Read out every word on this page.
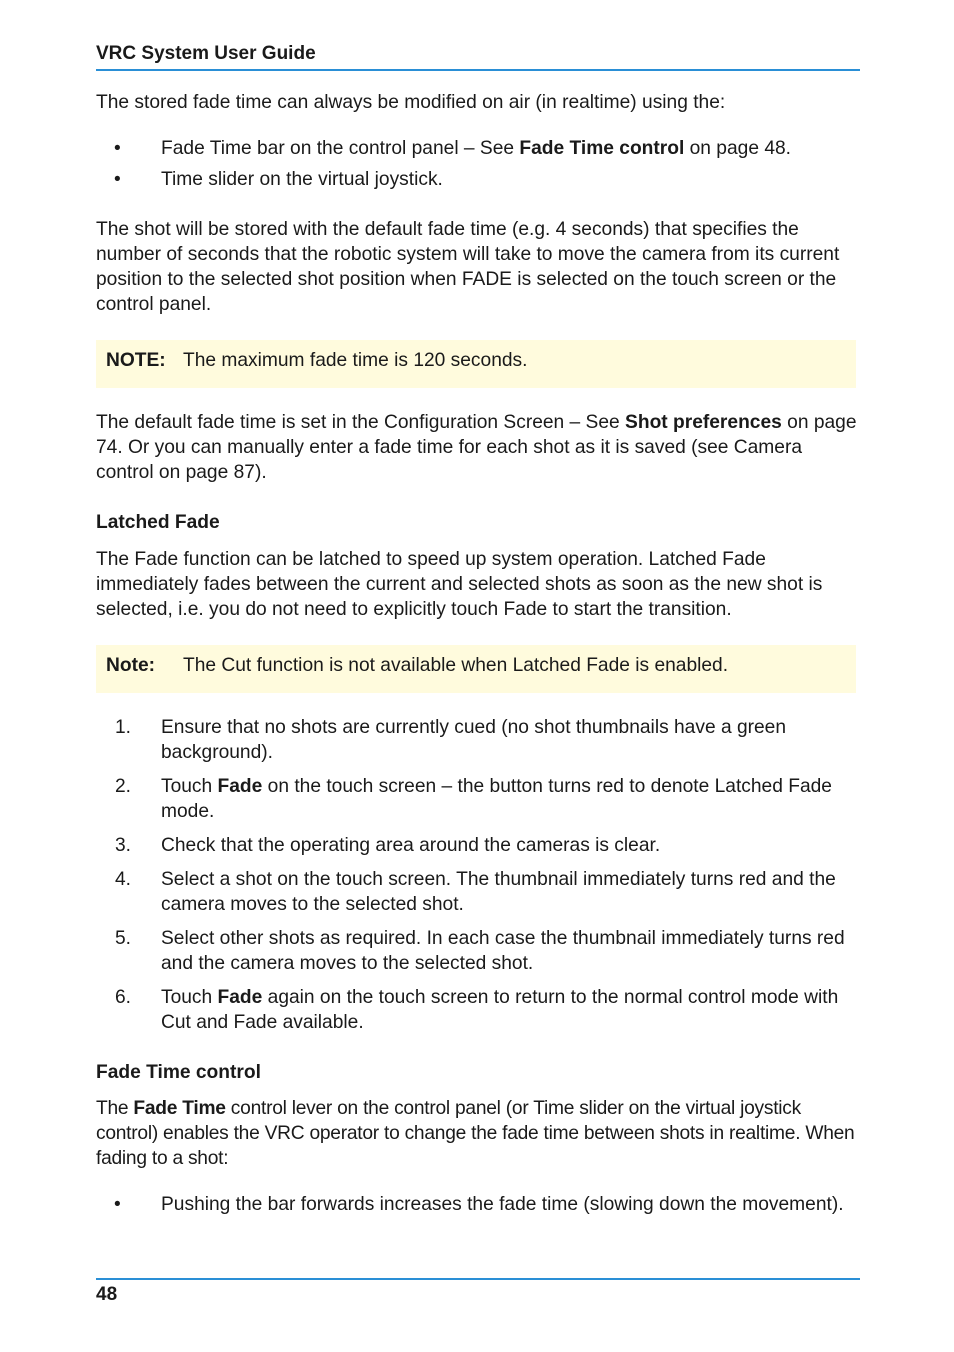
VRC System User Guide

The stored fade time can always be modified on air (in realtime) using the:

• Fade Time bar on the control panel – See Fade Time control on page 48.
• Time slider on the virtual joystick.

The shot will be stored with the default fade time (e.g. 4 seconds) that specifies the number of seconds that the robotic system will take to move the camera from its current position to the selected shot position when FADE is selected on the touch screen or the control panel.

NOTE: The maximum fade time is 120 seconds.

The default fade time is set in the Configuration Screen – See Shot preferences on page 74. Or you can manually enter a fade time for each shot as it is saved (see Camera control on page 87).

Latched Fade

The Fade function can be latched to speed up system operation. Latched Fade immediately fades between the current and selected shots as soon as the new shot is selected, i.e. you do not need to explicitly touch Fade to start the transition.

Note: The Cut function is not available when Latched Fade is enabled.
1. Ensure that no shots are currently cued (no shot thumbnails have a green background).
2. Touch Fade on the touch screen – the button turns red to denote Latched Fade mode.
3. Check that the operating area around the cameras is clear.
4. Select a shot on the touch screen. The thumbnail immediately turns red and the camera moves to the selected shot.
5. Select other shots as required. In each case the thumbnail immediately turns red and the camera moves to the selected shot.
6. Touch Fade again on the touch screen to return to the normal control mode with Cut and Fade available.
Fade Time control

The Fade Time control lever on the control panel (or Time slider on the virtual joystick control) enables the VRC operator to change the fade time between shots in realtime. When fading to a shot:

• Pushing the bar forwards increases the fade time (slowing down the movement).
48
